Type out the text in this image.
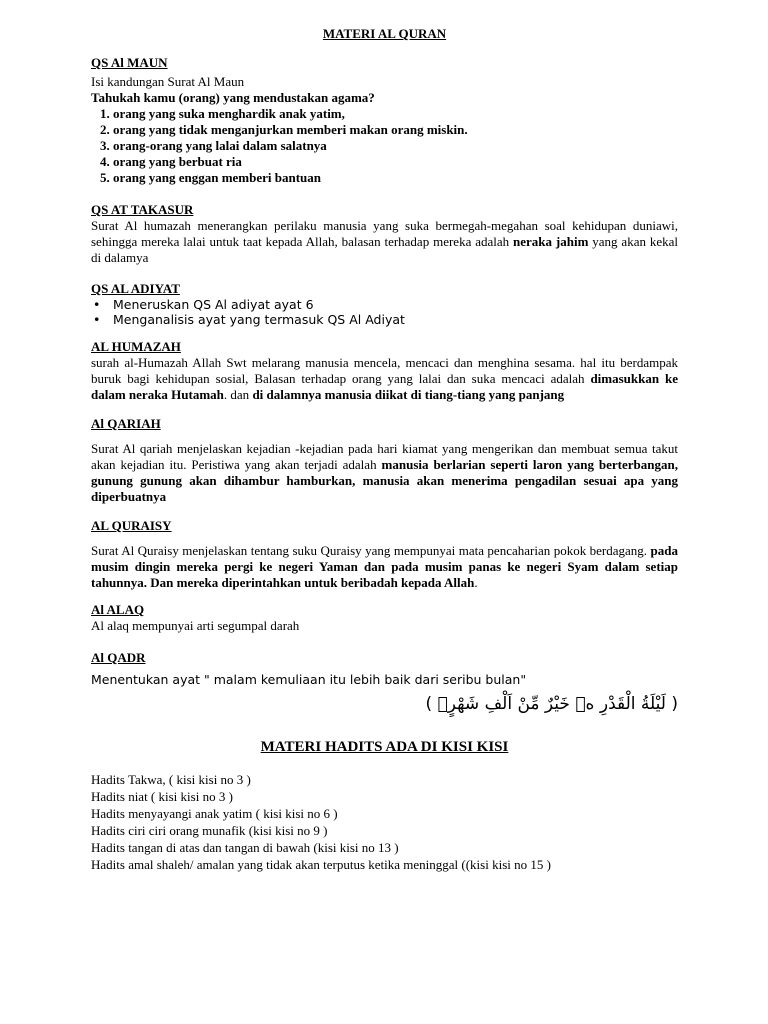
MATERI AL QURAN

QS Al MAUN

Isi kandungan Surat Al Maun

Tahukah kamu (orang) yang mendustakan agama?

1. orang yang suka menghardik anak yatim,
2. orang yang tidak menganjurkan memberi makan orang miskin.
3. orang-orang yang lalai dalam salatnya
4. orang yang berbuat ria
5. orang yang enggan memberi bantuan

QS AT TAKASUR

Surat Al humazah menerangkan perilaku manusia yang suka bermegah-megahan soal kehidupan duniawi, sehingga mereka lalai untuk taat kepada Allah, balasan terhadap mereka adalah neraka jahim yang akan kekal di dalamya

QS AL ADIYAT

• Meneruskan QS Al adiyat ayat 6
• Menganalisis ayat yang termasuk QS Al Adiyat

AL HUMAZAH

surah al-Humazah Allah Swt melarang manusia mencela, mencaci dan menghina sesama. hal itu berdampak buruk bagi kehidupan sosial, Balasan terhadap orang yang lalai dan suka mencaci adalah dimasukkan ke dalam neraka Hutamah. dan di dalamnya manusia diikat di tiang-tiang yang panjang

Al QARIAH

Surat Al qariah menjelaskan kejadian -kejadian pada hari kiamat yang mengerikan dan membuat semua takut akan kejadian itu. Peristiwa yang akan terjadi adalah manusia berlarian seperti laron yang berterbangan, gunung gunung akan dihambur hamburkan, manusia akan menerima pengadilan sesuai apa yang diperbuatnya

AL QURAISY

Surat Al Quraisy menjelaskan tentang suku Quraisy yang mempunyai mata pencaharian pokok berdagang. pada musim dingin mereka pergi ke negeri Yaman dan pada musim panas ke negeri Syam dalam setiap tahunnya. Dan mereka diperintahkan untuk beribadah kepada Allah.

Al ALAQ

Al alaq mempunyai arti segumpal darah

Al QADR

Menentukan ayat " malam kemuliaan itu lebih baik dari seribu bulan"

( لَيْلَةُ الْقَدْرِ ەۙ خَيْرٌ مِّنْ اَلْفِ شَهْرٍۗ )

MATERI HADITS ADA DI KISI KISI

Hadits Takwa, ( kisi kisi no 3 )

Hadits niat ( kisi kisi no 3 )

Hadits menyayangi anak yatim ( kisi kisi no 6 )

Hadits ciri ciri orang munafik (kisi kisi no 9 )

Hadits tangan di atas dan tangan di bawah (kisi kisi no 13 )

Hadits amal shaleh/ amalan yang tidak akan terputus ketika meninggal ((kisi kisi no 15 )
